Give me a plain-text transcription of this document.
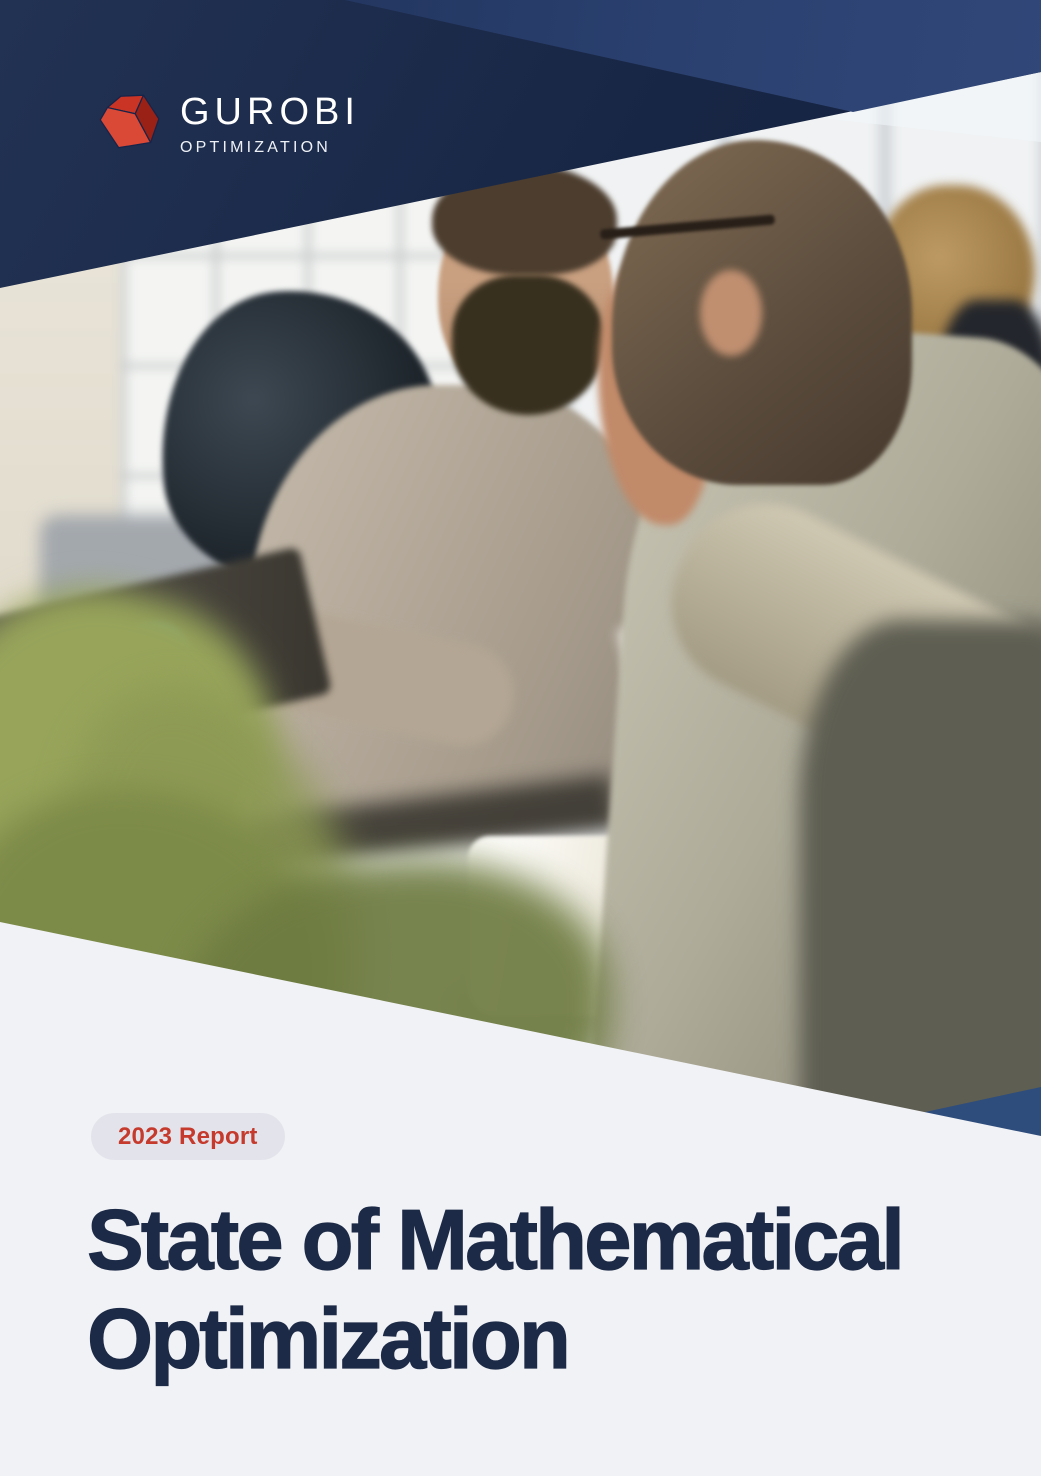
GUROBI
OPTIMIZATION
2023 Report
State of Mathematical
Optimization
